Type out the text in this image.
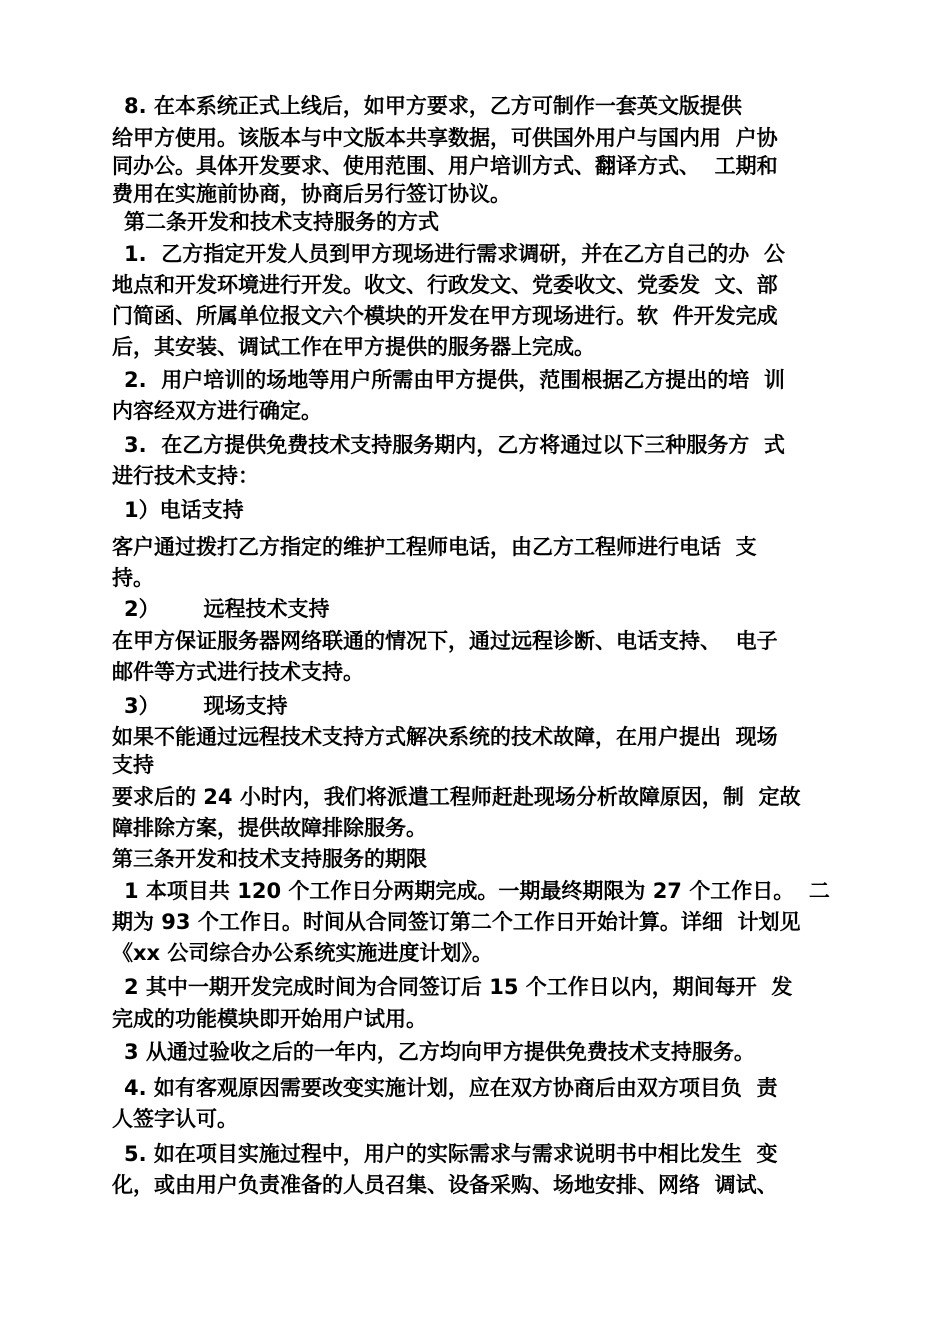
8. 在本系统正式上线后，如甲方要求，乙方可制作一套英文版提供
给甲方使用。该版本与中文版本共享数据，可供国外用户与国内用  户协
同办公。具体开发要求、使用范围、用户培训方式、翻译方式、  工期和
费用在实施前协商，协商后另行签订协议。
第二条开发和技术支持服务的方式
1.  乙方指定开发人员到甲方现场进行需求调研，并在乙方自己的办  公
地点和开发环境进行开发。收文、行政发文、党委收文、党委发  文、部
门简函、所属单位报文六个模块的开发在甲方现场进行。软  件开发完成
后，其安装、调试工作在甲方提供的服务器上完成。
2.  用户培训的场地等用户所需由甲方提供，范围根据乙方提出的培  训
内容经双方进行确定。
3.  在乙方提供免费技术支持服务期内，乙方将通过以下三种服务方  式
进行技术支持：
1）电话支持
客户通过拨打乙方指定的维护工程师电话，由乙方工程师进行电话  支
持。
2）      远程技术支持
在甲方保证服务器网络联通的情况下，通过远程诊断、电话支持、  电子
邮件等方式进行技术支持。
3）      现场支持
如果不能通过远程技术支持方式解决系统的技术故障，在用户提出  现场
支持
要求后的 24 小时内，我们将派遣工程师赶赴现场分析故障原因，制  定故
障排除方案，提供故障排除服务。
第三条开发和技术支持服务的期限
1 本项目共 120 个工作日分两期完成。一期最终期限为 27 个工作日。  二
期为 93 个工作日。时间从合同签订第二个工作日开始计算。详细  计划见
《xx 公司综合办公系统实施进度计划》。
2 其中一期开发完成时间为合同签订后 15 个工作日以内，期间每开  发
完成的功能模块即开始用户试用。
3 从通过验收之后的一年内，乙方均向甲方提供免费技术支持服务。
4. 如有客观原因需要改变实施计划，应在双方协商后由双方项目负  责
人签字认可。
5. 如在项目实施过程中，用户的实际需求与需求说明书中相比发生  变
化，或由用户负责准备的人员召集、设备采购、场地安排、网络  调试、
